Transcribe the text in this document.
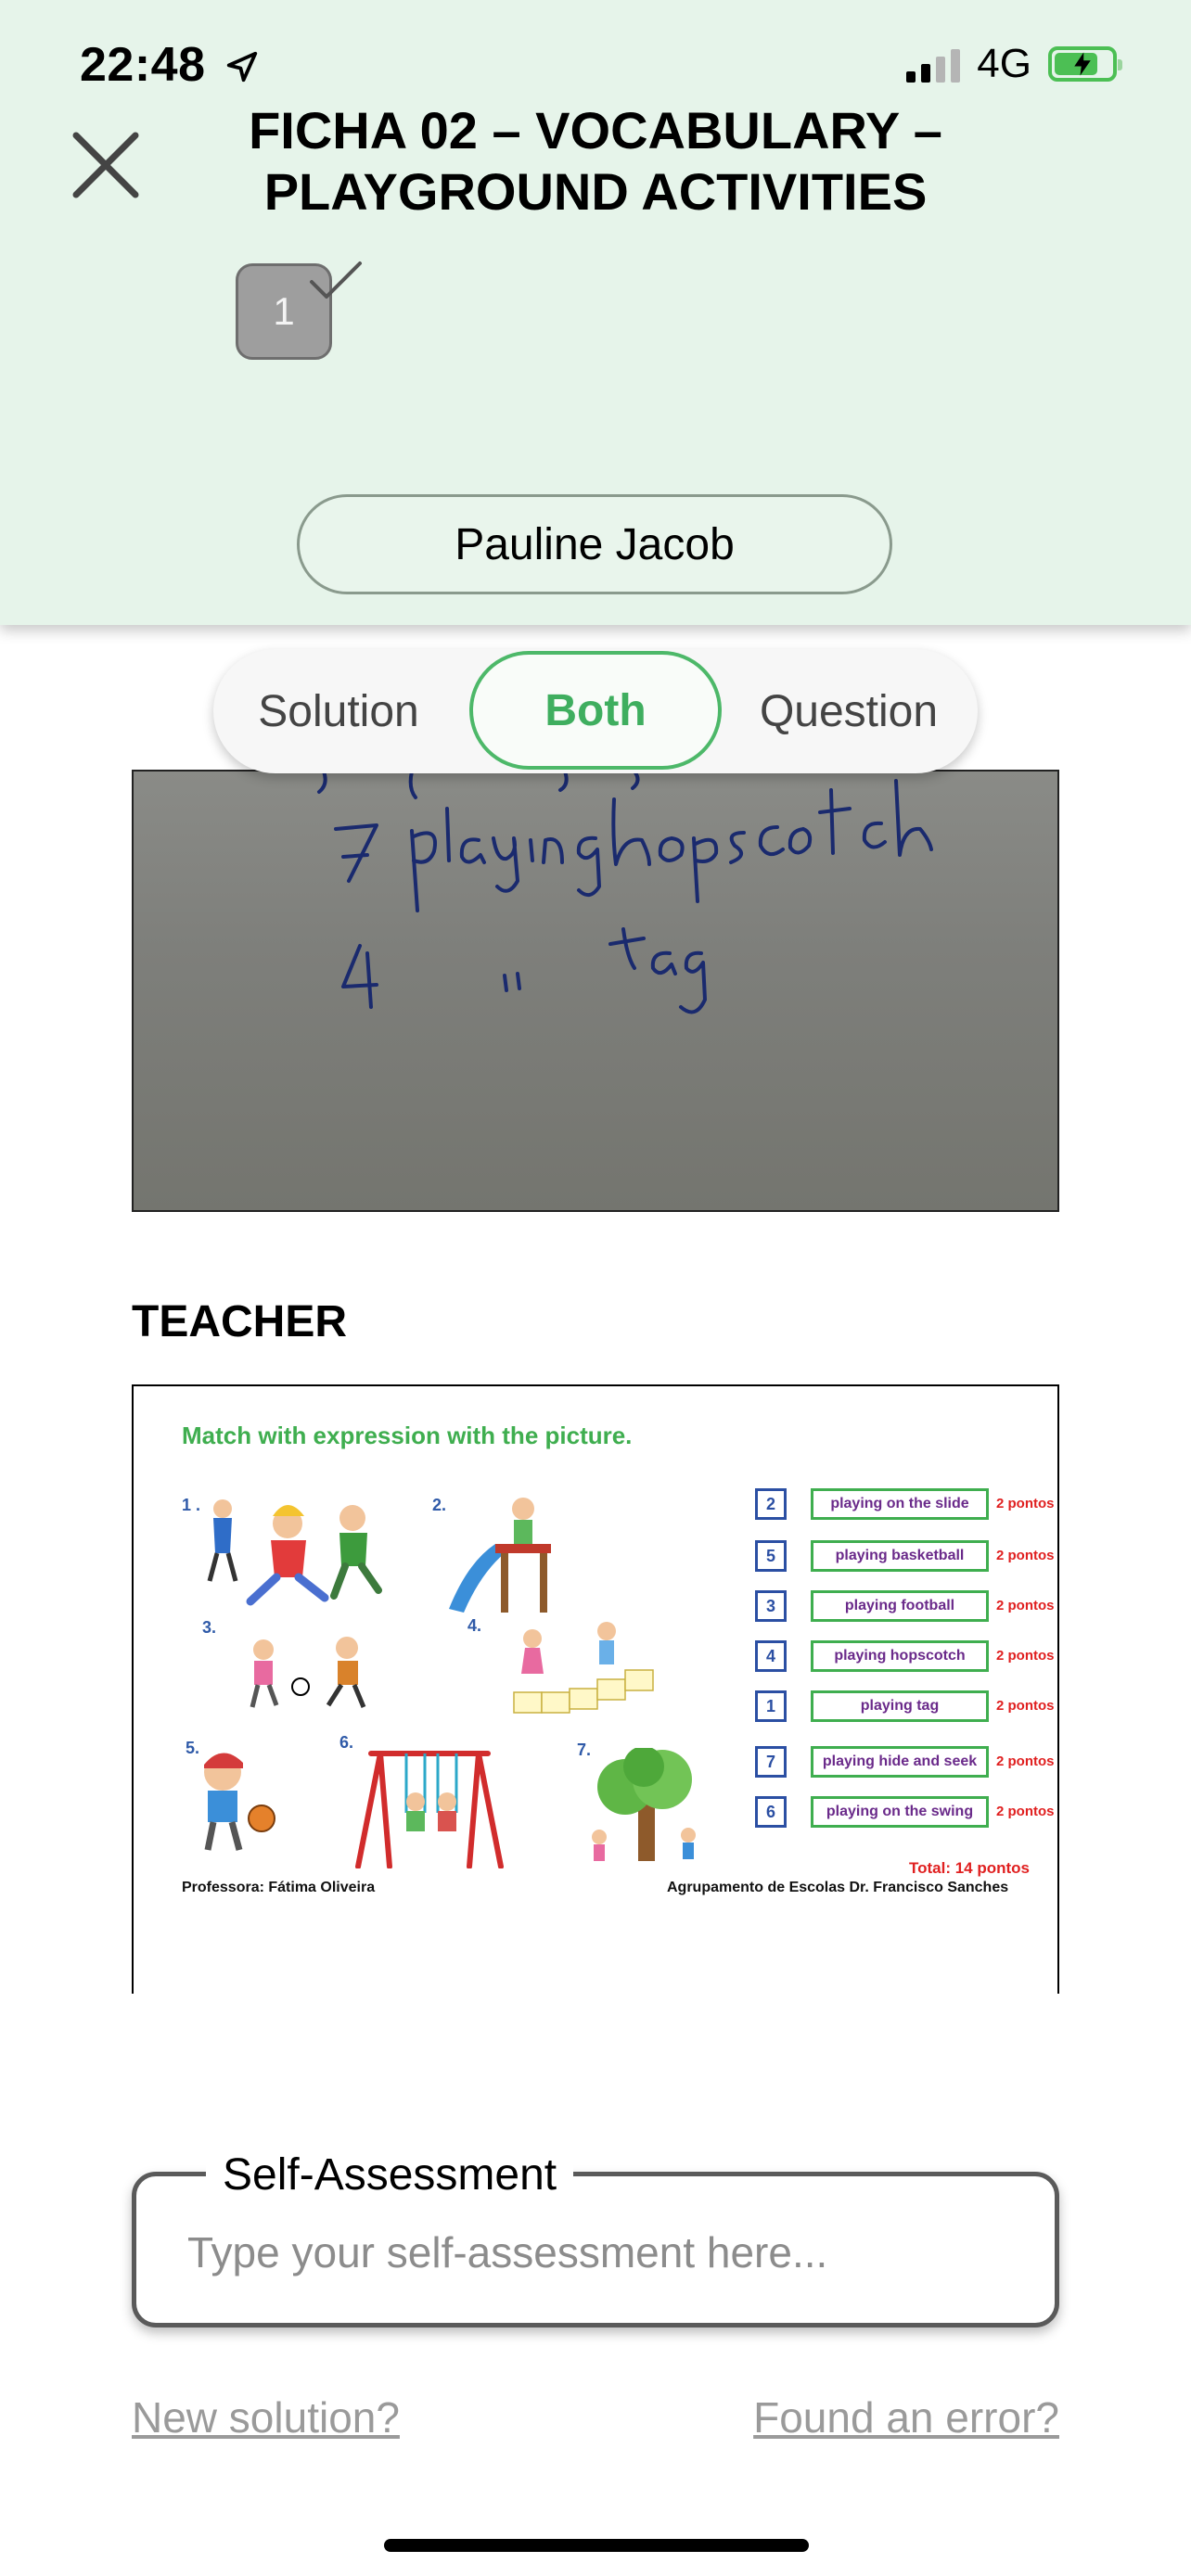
22:48	4G
FICHA 02 – VOCABULARY –
PLAYGROUND ACTIVITIES
1
Pauline Jacob
Solution	Both	Question
TEACHER
Match with expression with the picture.
1 .	2.
3.	4.
5.	6.	7.
2	playing on the slide	2 pontos
5	playing basketball	2 pontos
3	playing football	2 pontos
4	playing hopscotch	2 pontos
1	playing tag	2 pontos
7	playing hide and seek	2 pontos
6	playing on the swing	2 pontos
Total: 14 pontos
Professora: Fátima Oliveira	Agrupamento de Escolas Dr. Francisco Sanches
Self-Assessment
Type your self-assessment here...
New solution?	Found an error?
